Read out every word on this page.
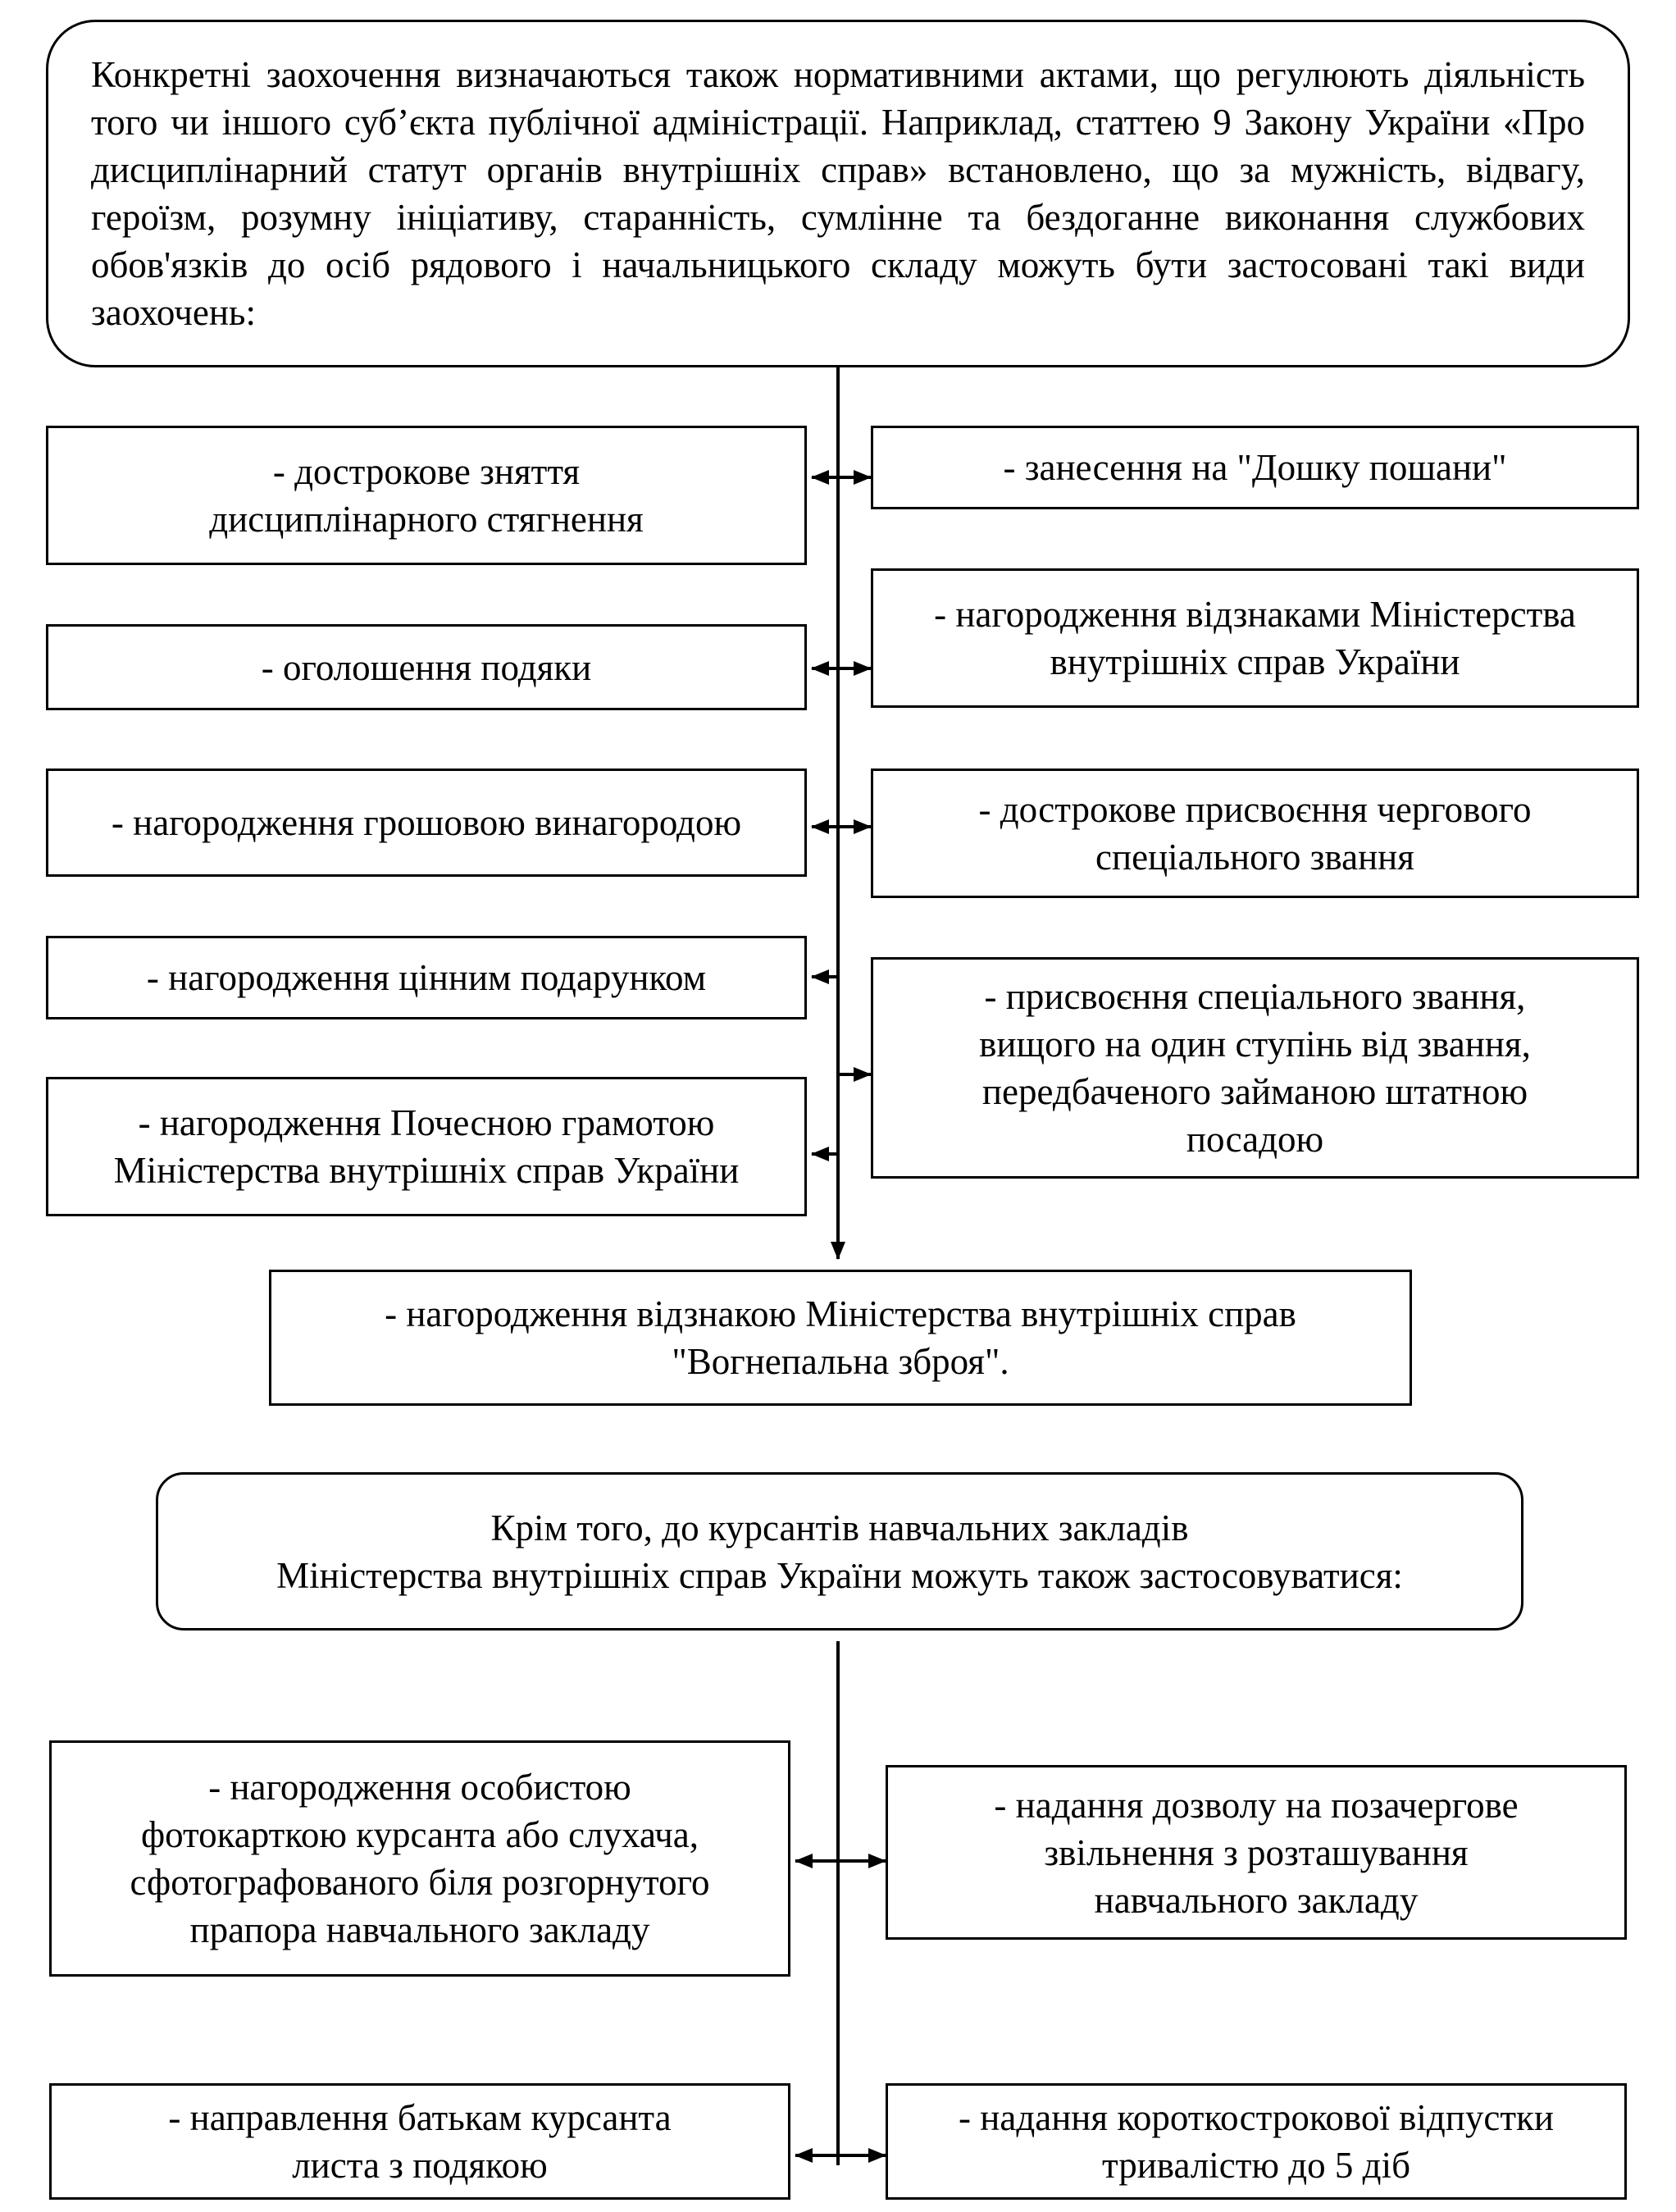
Конкретні заохочення визначаються також нормативними актами, що регулюють діяльність того чи іншого суб’єкта публічної адміністрації. Наприклад, статтею 9 Закону України «Про дисциплінарний статут органів внутрішніх справ» встановлено, що за мужність, відвагу, героїзм, розумну ініціативу, старанність, сумлінне та бездоганне виконання службових обов'язків до осіб рядового і начальницького складу можуть бути застосовані такі види заохочень:
- дострокове зняття
дисциплінарного стягнення
- оголошення подяки
- нагородження грошовою винагородою
- нагородження цінним подарунком
- нагородження Почесною грамотою
Міністерства внутрішніх справ України
- занесення на "Дошку пошани"
- нагородження відзнаками Міністерства
внутрішніх справ України
- дострокове присвоєння чергового
спеціального звання
- присвоєння спеціального звання,
вищого на один ступінь від звання,
передбаченого займаною штатною
посадою
- нагородження відзнакою Міністерства внутрішніх справ
"Вогнепальна зброя".
Крім того, до курсантів навчальних закладів
Міністерства внутрішніх справ України можуть також застосовуватися:
- нагородження особистою
фотокарткою курсанта або слухача,
сфотографованого біля розгорнутого
прапора навчального закладу
- надання дозволу на позачергове
звільнення з розташування
навчального закладу
- направлення батькам курсанта
листа з подякою
- надання короткострокової відпустки
тривалістю до 5 діб
